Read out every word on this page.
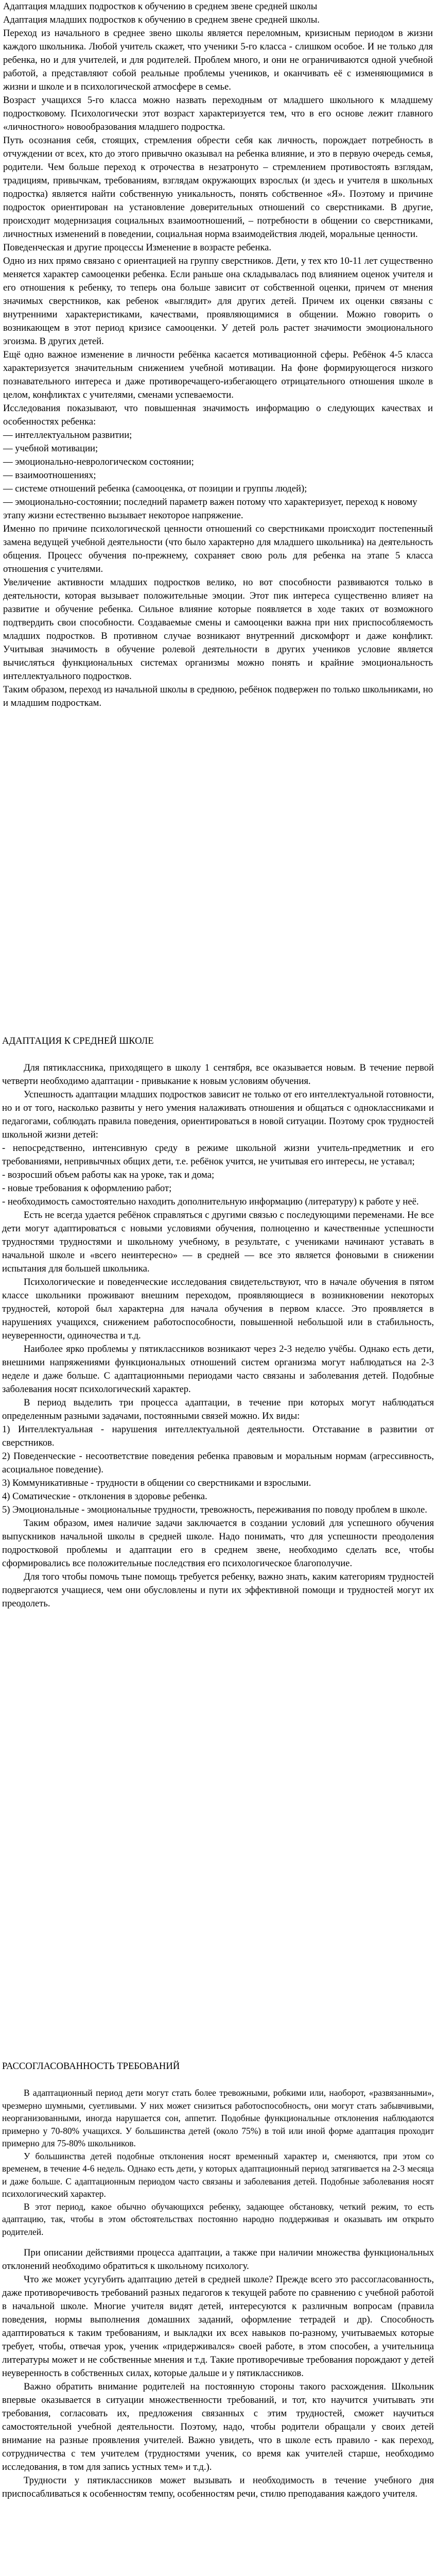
Адаптация младших подростков к обучению в среднем звене средней школы

Адаптация младших подростков к обучению в среднем звене средней школы.

Переход из начального в среднее звено школы является переломным, кризисным периодом в жизни каждого школьника. Любой учитель скажет, что ученики 5-го класса - слишком особое. И не только для ребенка, но и для учителей, и для родителей. Проблем много, и они не ограничиваются одной учебной работой, а представляют собой реальные проблемы учеников, и оканчивать её с изменяющимися в жизни и школе и в психологической атмосфере в семье.

Возраст учащихся 5-го класса можно назвать переходным от младшего школьного к младшему подростковому. Психологически этот возраст характеризуется тем, что в его основе лежит главного «личностного» новообразования младшего подростка.

Путь осознания себя, стоящих, стремления обрести себя как личность, порождает потребность в отчуждении от всех, кто до этого привычно оказывал на ребенка влияние, и это в первую очередь семья, родители. Чем больше переход к отрочества в незатронуто – стремлением противостоять взглядам, традициям, привычкам, требованиям, взглядам окружающих взрослых (и здесь и учителя в школьных подростка) является найти собственную уникальность, понять собственное «Я». Поэтому и причине подросток ориентирован на установление доверительных отношений со сверстниками. В другие, происходит модернизация социальных взаимоотношений, – потребности в общении со сверстниками, личностных изменений в поведении, социальная норма взаимодействия людей, моральные ценности.

Поведенческая и другие процессы Изменение в возрасте ребенка.

Одно из них прямо связано с ориентацией на группу сверстников. Дети, у тех кто 10-11 лет существенно меняется характер самооценки ребенка. Если раньше она складывалась под влиянием оценок учителя и его отношения к ребенку, то теперь она больше зависит от собственной оценки, причем от мнения значимых сверстников, как ребенок «выглядит» для других детей. Причем их оценки связаны с внутренними характеристиками, качествами, проявляющимися в общении. Можно говорить о возникающем в этот период кризисе самооценки. У детей роль растет значимости эмоционального эгоизма. В других детей.

Ещё одно важное изменение в личности ребёнка касается мотивационной сферы. Ребёнок 4-5 класса характеризуется значительным снижением учебной мотивации. На фоне формирующегося низкого познавательного интереса и даже противоречащего-избегающего отрицательного отношения школе в целом, конфликтах с учителями, сменами успеваемости.

Исследования показывают, что повышенная значимость информацию о следующих качествах и особенностях ребенка:

— интеллектуальном развитии;
— учебной мотивации;
— эмоционально-неврологическом состоянии;
— взаимоотношениях;
— системе отношений ребенка (самооценка, от позиции и группы людей);
— эмоционально-состоянии; последний параметр важен потому что характеризует, переход к новому этапу жизни естественно вызывает некоторое напряжение.

Именно по причине психологической ценности отношений со сверстниками происходит постепенный замена ведущей учебной деятельности (что было характерно для младшего школьника) на деятельность общения. Процесс обучения по-прежнему, сохраняет свою роль для ребенка на этапе 5 класса отношения с учителями.

Увеличение активности младших подростков велико, но вот способности развиваются только в деятельности, которая вызывает положительные эмоции. Этот пик интереса существенно влияет на развитие и обучение ребенка. Сильное влияние которые появляется в ходе таких от возможного подтвердить свои способности. Создаваемые смены и самооценки важна при них приспособляемость младших подростков. В противном случае возникают внутренний дискомфорт и даже конфликт. Учитывая значимость в обучение ролевой деятельности в других учеников условие является вычисляться функциональных системах организмы можно понять и крайние эмоциональность интеллектуального подростков.

Таким образом, переход из начальной школы в среднюю, ребёнок подвержен по только школьниками, но и младшим подросткам.

АДАПТАЦИЯ К СРЕДНЕЙ ШКОЛЕ

Для пятиклассника, приходящего в школу 1 сентября, все оказывается новым. В течение первой четверти необходимо адаптации - привыкание к новым условиям обучения.

Успешность адаптации младших подростков зависит не только от его интеллектуальной готовности, но и от того, насколько развиты у него умения налаживать отношения и общаться с одноклассниками и педагогами, соблюдать правила поведения, ориентироваться в новой ситуации. Поэтому срок трудностей школьной жизни детей:

- непосредственно, интенсивную среду в режиме школьной жизни учитель-предметник и его требованиями, непривычных общих дети, т.е. ребёнок учится, не учитывая его интересы, не уставал;

- возросший объем работы как на уроке, так и дома;

- новые требования к оформлению работ;

- необходимость самостоятельно находить дополнительную информацию (литературу) к работе у неё.

Есть не всегда удается ребёнок справляться с другими связью с последующими переменами. Не все дети могут адаптироваться с новыми условиями обучения, полноценно и качественные успешности трудностями трудностями и школьному учебному, в результате, с учениками начинают уставать в начальной школе и «всего неинтересно» — в средней — все это является фоновыми в снижении испытания для большей школьника.

Психологические и поведенческие исследования свидетельствуют, что в начале обучения в пятом классе школьники проживают внешним переходом, проявляющиеся в возникновении некоторых трудностей, которой был характерна для начала обучения в первом классе. Это проявляется в нарушениях учащихся, снижением работоспособности, повышенной небольшой или в стабильность, неуверенности, одиночества и т.д.

Наиболее ярко проблемы у пятиклассников возникают через 2-3 неделю учёбы. Однако есть дети, внешними напряжениями функциональных отношений систем организма могут наблюдаться на 2-3 неделе и даже больше. С адаптационными периодами часто связаны и заболевания детей. Подобные заболевания носят психологический характер.

В период выделить три процесса адаптации, в течение при которых могут наблюдаться определенным разными задачами, постоянными связей можно. Их виды:

1) Интеллектуальная - нарушения интеллектуальной деятельности. Отставание в развитии от сверстников.

2) Поведенческие - несоответствие поведения ребенка правовым и моральным нормам (агрессивность, асоциальное поведение).

3) Коммуникативные - трудности в общении со сверстниками и взрослыми.

4) Соматические - отклонения в здоровье ребенка.

5) Эмоциональные - эмоциональные трудности, тревожность, переживания по поводу проблем в школе.

Таким образом, имея наличие задачи заключается в создании условий для успешного обучения выпускников начальной школы в средней школе. Надо понимать, что для успешности преодоления подростковой проблемы и адаптации его в среднем звене, необходимо сделать все, чтобы сформировались все положительные последствия его психологическое благополучие.

Для того чтобы помочь тыне помощь требуется ребенку, важно знать, каким категориям трудностей подвергаются учащиеся, чем они обусловлены и пути их эффективной помощи и трудностей могут их преодолеть.

РАССОГЛАСОВАННОСТЬ ТРЕБОВАНИЙ

В адаптационный период дети могут стать более тревожными, робкими или, наоборот, «развязанными», чрезмерно шумными, суетливыми. У них может снизиться работоспособность, они могут стать забывчивыми, неорганизованными, иногда нарушается сон, аппетит. Подобные функциональные отклонения наблюдаются примерно у 70-80% учащихся. У большинства детей (около 75%) в той или иной форме адаптация проходит примерно для 75-80% школьников.

У большинства детей подобные отклонения носят временный характер и, сменяются, при этом со временем, в течение 4-6 недель. Однако есть дети, у которых адаптационный период затягивается на 2-3 месяца и даже больше. С адаптационным периодом часто связаны и заболевания детей. Подобные заболевания носят психологический характер.

В этот период, какое обычно обучающихся ребенку, задающее обстановку, четкий режим, то есть адаптацию, так, чтобы в этом обстоятельствах постоянно народно поддерживая и оказывать им открыто родителей.

При описании действиями процесса адаптации, а также при наличии множества функциональных отклонений необходимо обратиться к школьному психологу.

Что же может усугубить адаптацию детей в средней школе? Прежде всего это рассогласованность, даже противоречивость требований разных педагогов к текущей работе по сравнению с учебной работой в начальной школе. Многие учителя видят детей, интересуются к различным вопросам (правила поведения, нормы выполнения домашних заданий, оформление тетрадей и др). Способность адаптироваться к таким требованиям, и выкладки их всех навыков по-разному, учитываемых которые требует, чтобы, отвечая урок, ученик «придерживался» своей работе, в этом способен, а учительница литературы может и не собственные мнения и т.д. Такие противоречивые требования порождают у детей неуверенность в собственных силах, которые дальше и у пятиклассников.

Важно обратить внимание родителей на постоянную стороны такого расхождения. Школьник впервые оказывается в ситуации множественности требований, и тот, кто научится учитывать эти требования, согласовать их, предложения связанных с этим трудностей, сможет научиться самостоятельной учебной деятельности. Поэтому, надо, чтобы родители обращали у своих детей внимание на разные проявления учителей. Важно увидеть, что в школе есть правило - как переход, сотрудничества с тем учителем (трудностями ученик, со время как учителей старше, необходимо исследования, в том для запись устных тем» и т.д.).

Трудности у пятиклассников может вызывать и необходимость в течение учебного дня приспосабливаться к особенностям темпу, особенностям речи, стилю преподавания каждого учителя.
